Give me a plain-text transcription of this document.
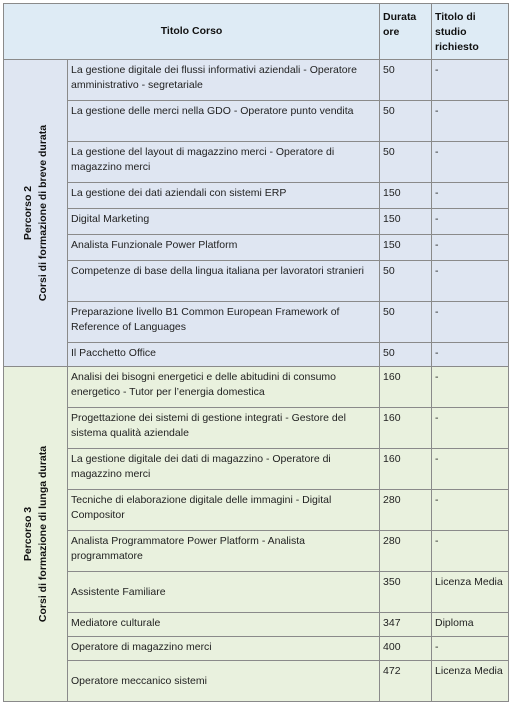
Titolo Corso		Durata ore	Titolo di studio richiesto

Percorso 2 Corsi di formazione di breve durata	La gestione digitale dei flussi informativi aziendali - Operatore amministrativo - segretariale	50	-
	La gestione delle merci nella GDO - Operatore punto vendita	50	-
	La gestione del layout di magazzino merci - Operatore di magazzino merci	50	-
	La gestione dei dati aziendali con sistemi ERP	150	-
	Digital Marketing	150	-
	Analista Funzionale Power Platform	150	-
	Competenze di base della lingua italiana per lavoratori stranieri	50	-
	Preparazione livello B1 Common European Framework of Reference of Languages	50	-
	Il Pacchetto Office	50	-

Percorso 3 Corsi di formazione di lunga durata	Analisi dei bisogni energetici e delle abitudini di consumo energetico - Tutor per l’energia domestica	160	-
	Progettazione dei sistemi di gestione integrati - Gestore del sistema qualità aziendale	160	-
	La gestione digitale dei dati di magazzino - Operatore di magazzino merci	160	-
	Tecniche di elaborazione digitale delle immagini - Digital Compositor	280	-
	Analista Programmatore Power Platform - Analista programmatore	280	-
	Assistente Familiare	350	Licenza Media
	Mediatore culturale	347	Diploma
	Operatore di magazzino merci	400	-
	Operatore meccanico sistemi	472	Licenza Media
